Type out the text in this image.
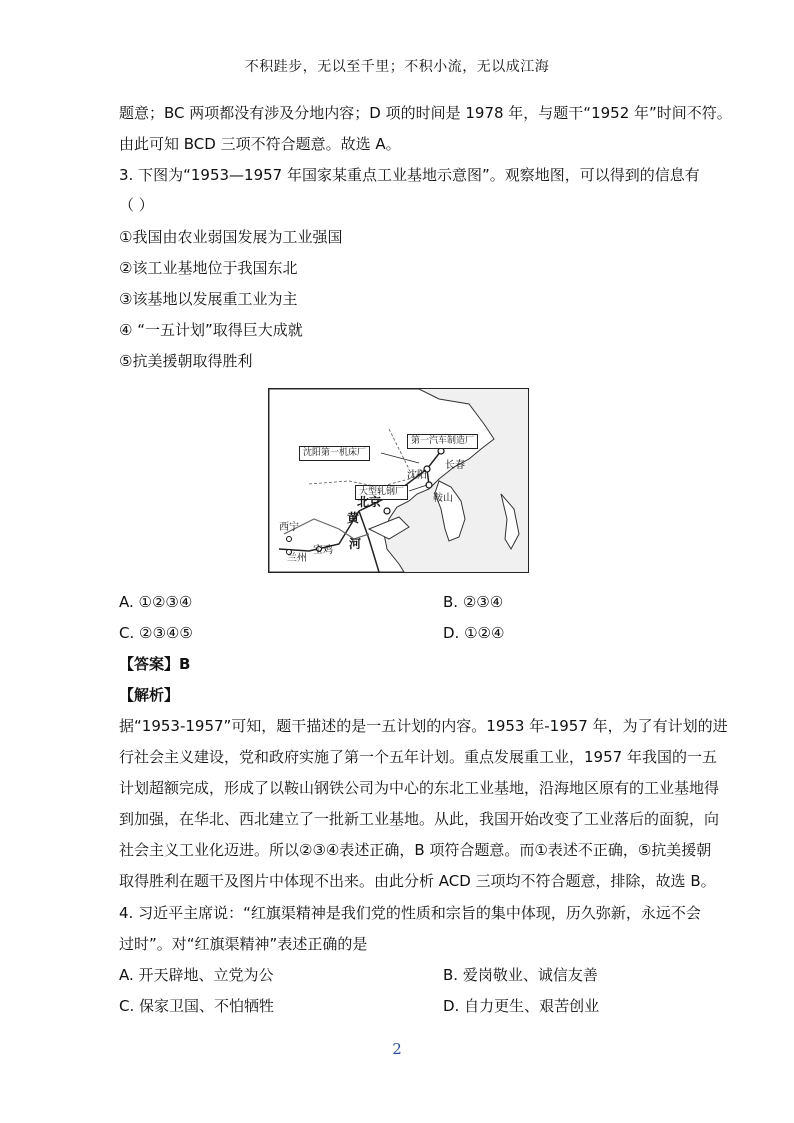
不积跬步，无以至千里；不积小流，无以成江海
题意；BC 两项都没有涉及分地内容；D 项的时间是 1978 年，与题干“1952 年”时间不符。
由此可知 BCD 三项不符合题意。故选 A。
3. 下图为“1953—1957 年国家某重点工业基地示意图”。观察地图，可以得到的信息有
（ ）
①我国由农业弱国发展为工业强国
②该工业基地位于我国东北
③该基地以发展重工业为主
④ “一五计划”取得巨大成就
⑤抗美援朝取得胜利
第一汽车制造厂
沈阳第一机床厂
大型轧钢厂
长春
沈阳
鞍山
北京
西宁
兰州
宝鸡
黄
河
A. ①②③④	B. ②③④
C. ②③④⑤	D. ①②④
【答案】B
【解析】
据“1953-1957”可知，题干描述的是一五计划的内容。1953 年-1957 年，为了有计划的进
行社会主义建设，党和政府实施了第一个五年计划。重点发展重工业，1957 年我国的一五
计划超额完成，形成了以鞍山钢铁公司为中心的东北工业基地，沿海地区原有的工业基地得
到加强，在华北、西北建立了一批新工业基地。从此，我国开始改变了工业落后的面貌，向
社会主义工业化迈进。所以②③④表述正确，B 项符合题意。而①表述不正确，⑤抗美援朝
取得胜利在题干及图片中体现不出来。由此分析 ACD 三项均不符合题意，排除，故选 B。
4. 习近平主席说：“红旗渠精神是我们党的性质和宗旨的集中体现，历久弥新，永远不会
过时”。对“红旗渠精神”表述正确的是
A. 开天辟地、立党为公	B. 爱岗敬业、诚信友善
C. 保家卫国、不怕牺牲	D. 自力更生、艰苦创业
2
